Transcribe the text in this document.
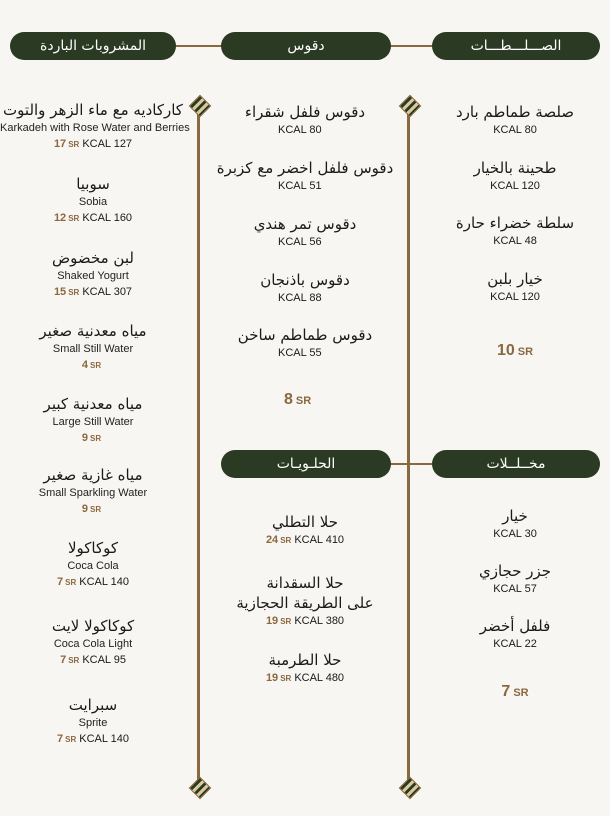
المشروبات الباردة	دقوس	الصـــلـــطـــات
الحلـويـات	مخــلــلات
صلصة طماطم بارد
KCAL 80
طحينة بالخيار
KCAL 120
سلطة خضراء حارة
KCAL 48
خيار بلبن
KCAL 120
10 SR
دقوس فلفل شقراء
KCAL 80
دقوس فلفل اخضر مع كزبرة
KCAL 51
دقوس تمر هندي
KCAL 56
دقوس باذنجان
KCAL 88
دقوس طماطم ساخن
KCAL 55
8 SR
حلا التطلي
24 SR KCAL 410
حلا السقدانة
على الطريقة الحجازية
19 SR KCAL 380
حلا الطرمبة
19 SR KCAL 480
خيار
KCAL 30
جزر حجازي
KCAL 57
فلفل أخضر
KCAL 22
7 SR
كاركاديه مع ماء الزهر والتوت
Karkadeh with Rose Water and Berries
17 SR KCAL 127
سوبيا
Sobia
12 SR KCAL 160
لبن مخضوض
Shaked Yogurt
15 SR KCAL 307
مياه معدنية صغير
Small Still Water
4 SR
مياه معدنية كبير
Large Still Water
9 SR
مياه غازية صغير
Small Sparkling Water
9 SR
كوكاكولا
Coca Cola
7 SR KCAL 140
كوكاكولا لايت
Coca Cola Light
7 SR KCAL 95
سبرايت
Sprite
7 SR KCAL 140
